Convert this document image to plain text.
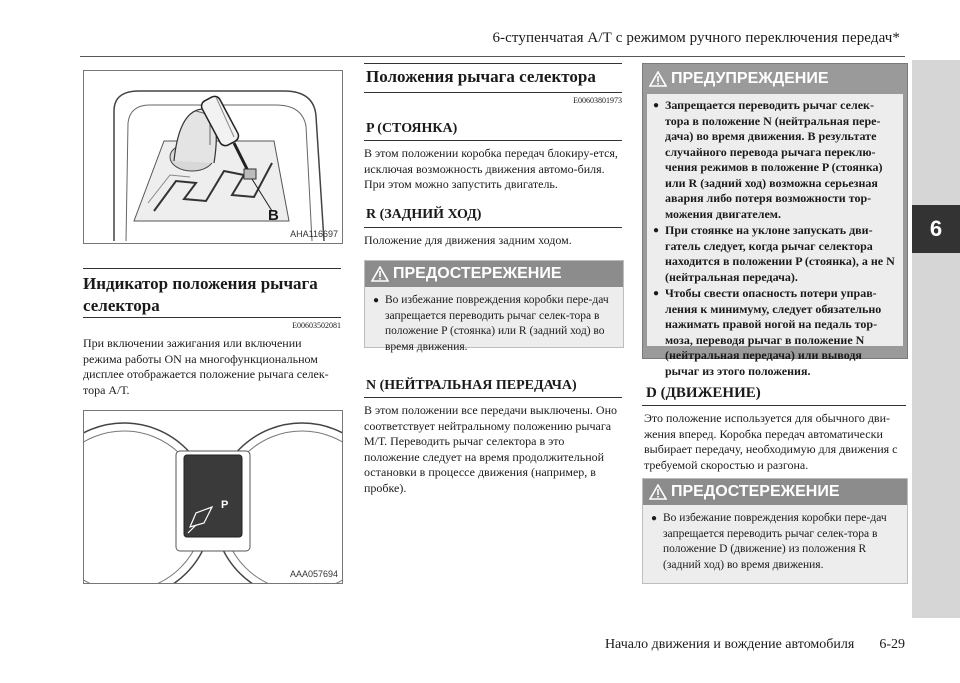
6-ступенчатая А/Т с режимом ручного переключения передач*
6
B
AHA116697
Индикатор положения рычага
селектора
E00603502081
При включении зажигания или включении режима работы ON на многофункциональном дисплее отображается положение рычага селек-тора А/Т.
P
AAA057694
Положения рычага селектора
E00603801973
P (СТОЯНКА)
В этом положении коробка передач блокиру-ется, исключая возможность движения автомо-биля. При этом можно запустить двигатель.
R (ЗАДНИЙ ХОД)
Положение для движения задним ходом.
ПРЕДОСТЕРЕЖЕНИЕ
● Во избежание повреждения коробки пере-дач запрещается переводить рычаг селек-тора в положение P (стоянка) или R (задний ход) во время движения.
N (НЕЙТРАЛЬНАЯ ПЕРЕДАЧА)
В этом положении все передачи выключены. Оно соответствует нейтральному положению рычага М/Т. Переводить рычаг селектора в это положение следует на время продолжительной остановки в процессе движения (например, в пробке).
ПРЕДУПРЕЖДЕНИЕ
● Запрещается переводить рычаг селек-тора в положение N (нейтральная пере-дача) во время движения. В результате случайного перевода рычага переклю-чения режимов в положение P (стоянка) или R (задний ход) возможна серьезная авария либо потеря возможности тор-можения двигателем.
● При стоянке на уклоне запускать дви-гатель следует, когда рычаг селектора находится в положении P (стоянка), а не N (нейтральная передача).
● Чтобы свести опасность потери управ-ления к минимуму, следует обязательно нажимать правой ногой на педаль тор-моза, переводя рычаг в положение N (нейтральная передача) или выводя рычаг из этого положения.
D (ДВИЖЕНИЕ)
Это положение используется для обычного дви-жения вперед. Коробка передач автоматически выбирает передачу, необходимую для движения с требуемой скоростью и разгона.
ПРЕДОСТЕРЕЖЕНИЕ
● Во избежание повреждения коробки пере-дач запрещается переводить рычаг селек-тора в положение D (движение) из положения R (задний ход) во время движения.
Начало движения и вождение автомобиля 6-29
